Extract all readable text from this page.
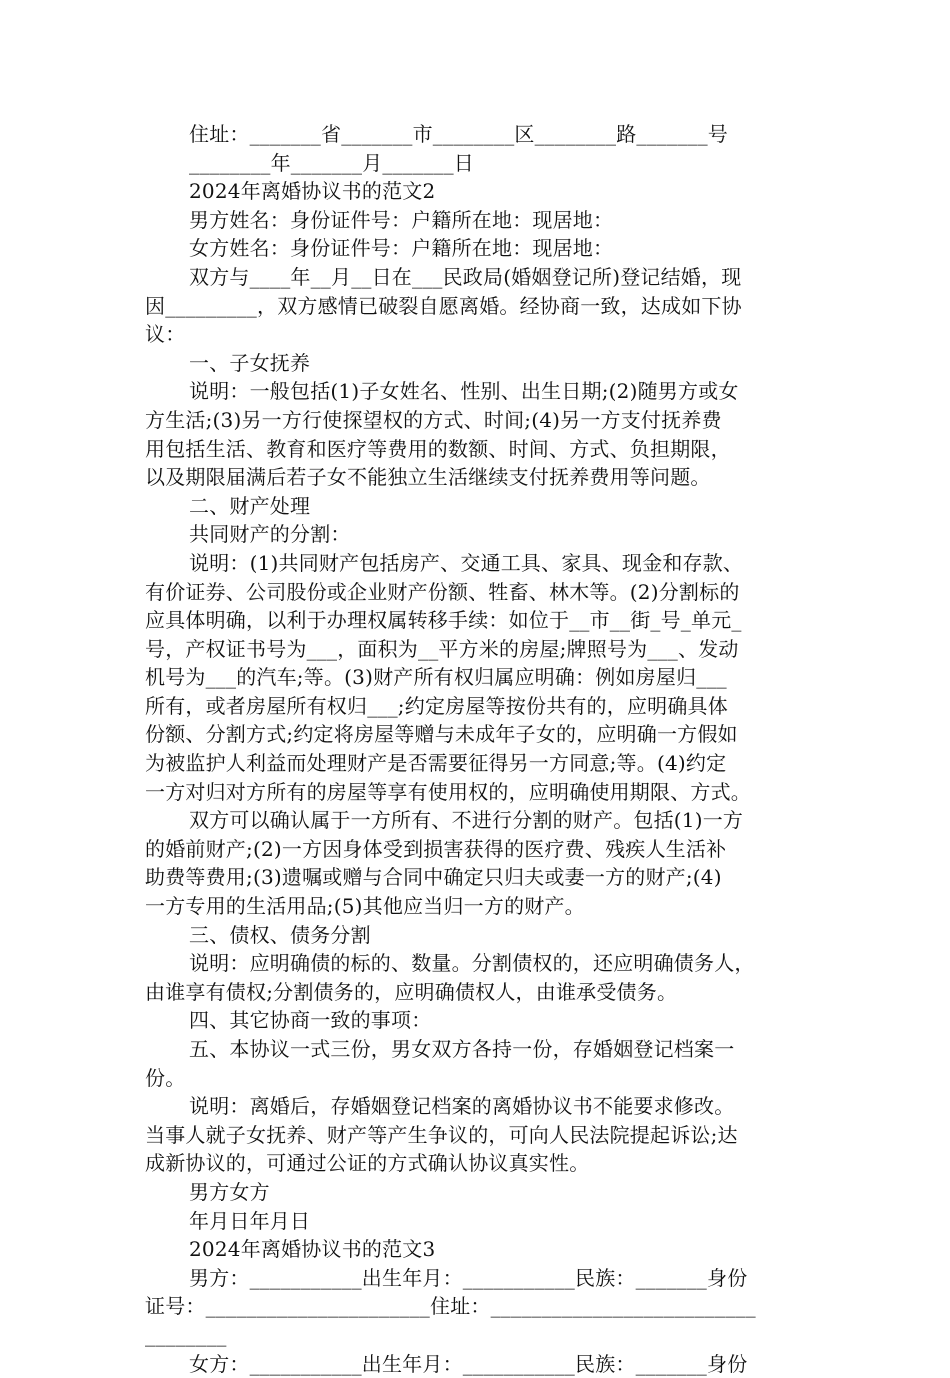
住址：_______省_______市________区________路_______号
________年_______月_______日
2024年离婚协议书的范文2
男方姓名：身份证件号：户籍所在地：现居地：
女方姓名：身份证件号：户籍所在地：现居地：
双方与____年__月__日在___民政局(婚姻登记所)登记结婚，现
因_________，双方感情已破裂自愿离婚。经协商一致，达成如下协
议：
一、子女抚养
说明：一般包括(1)子女姓名、性别、出生日期;(2)随男方或女
方生活;(3)另一方行使探望权的方式、时间;(4)另一方支付抚养费
用包括生活、教育和医疗等费用的数额、时间、方式、负担期限，
以及期限届满后若子女不能独立生活继续支付抚养费用等问题。
二、财产处理
共同财产的分割：
说明：(1)共同财产包括房产、交通工具、家具、现金和存款、
有价证券、公司股份或企业财产份额、牲畜、林木等。(2)分割标的
应具体明确，以利于办理权属转移手续：如位于__市__街_号_单元_
号，产权证书号为___，面积为__平方米的房屋;牌照号为___、发动
机号为___的汽车;等。(3)财产所有权归属应明确：例如房屋归___
所有，或者房屋所有权归___;约定房屋等按份共有的，应明确具体
份额、分割方式;约定将房屋等赠与未成年子女的，应明确一方假如
为被监护人利益而处理财产是否需要征得另一方同意;等。(4)约定
一方对归对方所有的房屋等享有使用权的，应明确使用期限、方式。
双方可以确认属于一方所有、不进行分割的财产。包括(1)一方
的婚前财产;(2)一方因身体受到损害获得的医疗费、残疾人生活补
助费等费用;(3)遗嘱或赠与合同中确定只归夫或妻一方的财产;(4)
一方专用的生活用品;(5)其他应当归一方的财产。
三、债权、债务分割
说明：应明确债的标的、数量。分割债权的，还应明确债务人，
由谁享有债权;分割债务的，应明确债权人，由谁承受债务。
四、其它协商一致的事项：
五、本协议一式三份，男女双方各持一份，存婚姻登记档案一
份。
说明：离婚后，存婚姻登记档案的离婚协议书不能要求修改。
当事人就子女抚养、财产等产生争议的，可向人民法院提起诉讼;达
成新协议的，可通过公证的方式确认协议真实性。
男方女方
年月日年月日
2024年离婚协议书的范文3
男方：___________出生年月：___________民族：_______身份
证号：______________________住址：__________________________
________
女方：___________出生年月：___________民族：_______身份
